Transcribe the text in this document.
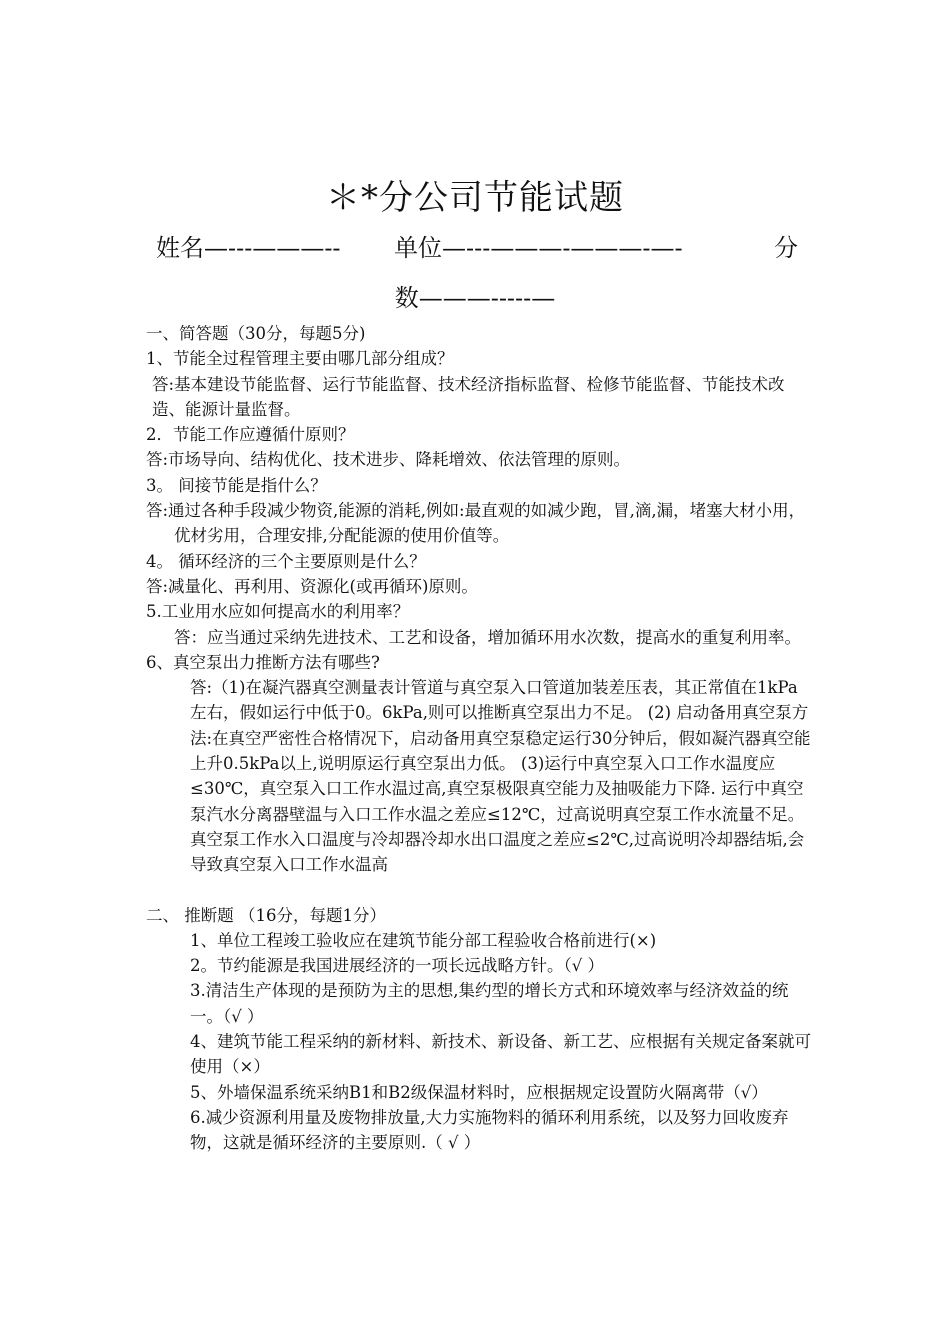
＊*分公司节能试题
姓名—---———-- 单位—---———-———-—-	分
数———-----—

一、简答题（30分，每题5分)

1、节能全过程管理主要由哪几部分组成？

答:基本建设节能监督、运行节能监督、技术经济指标监督、检修节能监督、节能技术改造、能源计量监督。

2．节能工作应遵循什原则？

答:市场导向、结构优化、技术进步、降耗增效、依法管理的原则。

3。 间接节能是指什么？

答:通过各种手段减少物资,能源的消耗,例如:最直观的如减少跑，冒,滴,漏，堵塞大材小用，优材劣用，合理安排,分配能源的使用价值等。

4。 循环经济的三个主要原则是什么？

答:减量化、再利用、资源化(或再循环)原则。

5.工业用水应如何提高水的利用率？

答：应当通过采纳先进技术、工艺和设备，增加循环用水次数，提高水的重复利用率。

6、真空泵出力推断方法有哪些?

答:（1)在凝汽器真空测量表计管道与真空泵入口管道加装差压表，其正常值在1kPa左右，假如运行中低于0。6kPa,则可以推断真空泵出力不足。 (2) 启动备用真空泵方法:在真空严密性合格情况下，启动备用真空泵稳定运行30分钟后，假如凝汽器真空能上升0.5kPa以上,说明原运行真空泵出力低。 (3)运行中真空泵入口工作水温度应≤30℃，真空泵入口工作水温过高,真空泵极限真空能力及抽吸能力下降. 运行中真空泵汽水分离器壁温与入口工作水温之差应≤12℃，过高说明真空泵工作水流量不足。 真空泵工作水入口温度与冷却器冷却水出口温度之差应≤2℃,过高说明冷却器结垢,会导致真空泵入口工作水温高

二、 推断题 （16分，每题1分）

1、单位工程竣工验收应在建筑节能分部工程验收合格前进行(×)

2。节约能源是我国进展经济的一项长远战略方针。（√ ）

3.清洁生产体现的是预防为主的思想,集约型的增长方式和环境效率与经济效益的统一。（√ ）

4、建筑节能工程采纳的新材料、新技术、新设备、新工艺、应根据有关规定备案就可使用（×）

5、外墙保温系统采纳B1和B2级保温材料时，应根据规定设置防火隔离带（√）

6.减少资源利用量及废物排放量,大力实施物料的循环利用系统，以及努力回收废弃物，这就是循环经济的主要原则.（ √ ）
